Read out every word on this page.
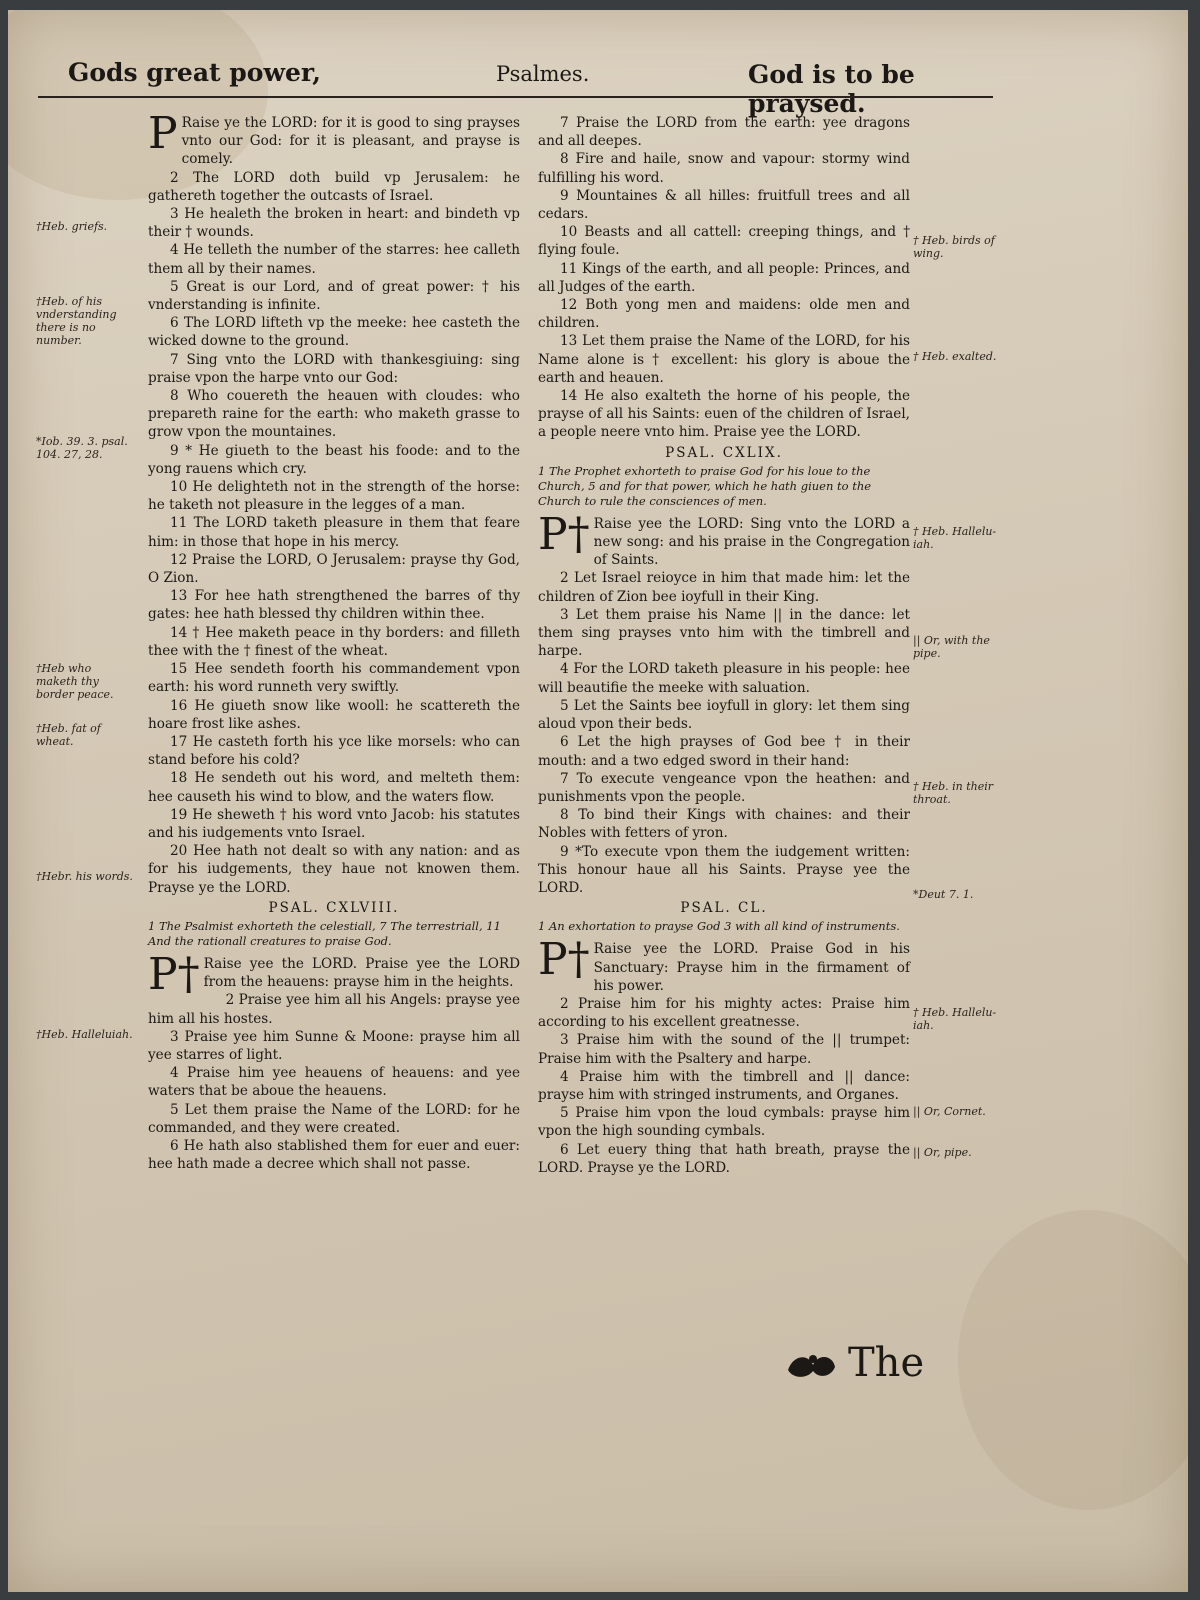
Gods great power,	Psalmes.	God is to be praysed.

PRaise ye the LORD: for it is good to sing prayses vnto our God: for it is pleasant, and prayse is comely.

2 The LORD doth build vp Jerusalem: he gathereth together the outcasts of Israel.

3 He healeth the broken in heart: and bindeth vp their † wounds.

4 He telleth the number of the starres: hee calleth them all by their names.

5 Great is our Lord, and of great power: † his vnderstanding is infinite.

6 The LORD lifteth vp the meeke: hee casteth the wicked downe to the ground.

7 Sing vnto the LORD with thankesgiuing: sing praise vpon the harpe vnto our God:

8 Who couereth the heauen with cloudes: who prepareth raine for the earth: who maketh grasse to grow vpon the mountaines.

9 * He giueth to the beast his foode: and to the yong rauens which cry.

10 He delighteth not in the strength of the horse: he taketh not pleasure in the legges of a man.

11 The LORD taketh pleasure in them that feare him: in those that hope in his mercy.

12 Praise the LORD, O Jerusalem: prayse thy God, O Zion.

13 For hee hath strengthened the barres of thy gates: hee hath blessed thy children within thee.

14 † Hee maketh peace in thy borders: and filleth thee with the † finest of the wheat.

15 Hee sendeth foorth his commandement vpon earth: his word runneth very swiftly.

16 He giueth snow like wooll: he scattereth the hoare frost like ashes.

17 He casteth forth his yce like morsels: who can stand before his cold?

18 He sendeth out his word, and melteth them: hee causeth his wind to blow, and the waters flow.

19 He sheweth † his word vnto Jacob: his statutes and his iudgements vnto Israel.

20 Hee hath not dealt so with any nation: and as for his iudgements, they haue not knowen them. Prayse ye the LORD.

PSAL. CXLVIII.
1 The Psalmist exhorteth the celestiall, 7 The terrestriall, 11 And the rationall creatures to praise God.

P†Raise yee the LORD. Praise yee the LORD from the heauens: prayse him in the heights.

2 Praise yee him all his Angels: prayse yee him all his hostes.

3 Praise yee him Sunne & Moone: prayse him all yee starres of light.

4 Praise him yee heauens of heauens: and yee waters that be aboue the heauens.

5 Let them praise the Name of the LORD: for he commanded, and they were created.

6 He hath also stablished them for euer and euer: hee hath made a decree which shall not passe.

7 Praise the LORD from the earth: yee dragons and all deepes.

8 Fire and haile, snow and vapour: stormy wind fulfilling his word.

9 Mountaines & all hilles: fruitfull trees and all cedars.

10 Beasts and all cattell: creeping things, and † flying foule.

11 Kings of the earth, and all people: Princes, and all Judges of the earth.

12 Both yong men and maidens: olde men and children.

13 Let them praise the Name of the LORD, for his Name alone is † excellent: his glory is aboue the earth and heauen.

14 He also exalteth the horne of his people, the prayse of all his Saints: euen of the children of Israel, a people neere vnto him. Praise yee the LORD.

PSAL. CXLIX.
1 The Prophet exhorteth to praise God for his loue to the Church, 5 and for that power, which he hath giuen to the Church to rule the consciences of men.

P†Raise yee the LORD: Sing vnto the LORD a new song: and his praise in the Congregation of Saints.

2 Let Israel reioyce in him that made him: let the children of Zion bee ioyfull in their King.

3 Let them praise his Name || in the dance: let them sing prayses vnto him with the timbrell and harpe.

4 For the LORD taketh pleasure in his people: hee will beautifie the meeke with saluation.

5 Let the Saints bee ioyfull in glory: let them sing aloud vpon their beds.

6 Let the high prayses of God bee † in their mouth: and a two edged sword in their hand:

7 To execute vengeance vpon the heathen: and punishments vpon the people.

8 To bind their Kings with chaines: and their Nobles with fetters of yron.

9 *To execute vpon them the iudgement written: This honour haue all his Saints. Prayse yee the LORD.

PSAL. CL.
1 An exhortation to prayse God 3 with all kind of instruments.

P†Raise yee the LORD. Praise God in his Sanctuary: Prayse him in the firmament of his power.

2 Praise him for his mighty actes: Praise him according to his excellent greatnesse.

3 Praise him with the sound of the || trumpet: Praise him with the Psaltery and harpe.

4 Praise him with the timbrell and || dance: prayse him with stringed instruments, and Organes.

5 Praise him vpon the loud cymbals: prayse him vpon the high sounding cymbals.

6 Let euery thing that hath breath, prayse the LORD. Prayse ye the LORD.

†Heb. griefs.
†Heb. of his vnderstanding there is no number.
*Iob. 39. 3. psal. 104. 27, 28.
†Heb who maketh thy border peace.
†Heb. fat of wheat.
†Hebr. his words.
†Heb. Halleluiah.
† Heb. birds of wing.
† Heb. exalted.
† Heb. Hallelu-iah.
|| Or, with the pipe.
† Heb. in their throat.
*Deut 7. 1.
† Heb. Hallelu-iah.
|| Or, Cornet.
|| Or, pipe.
The
